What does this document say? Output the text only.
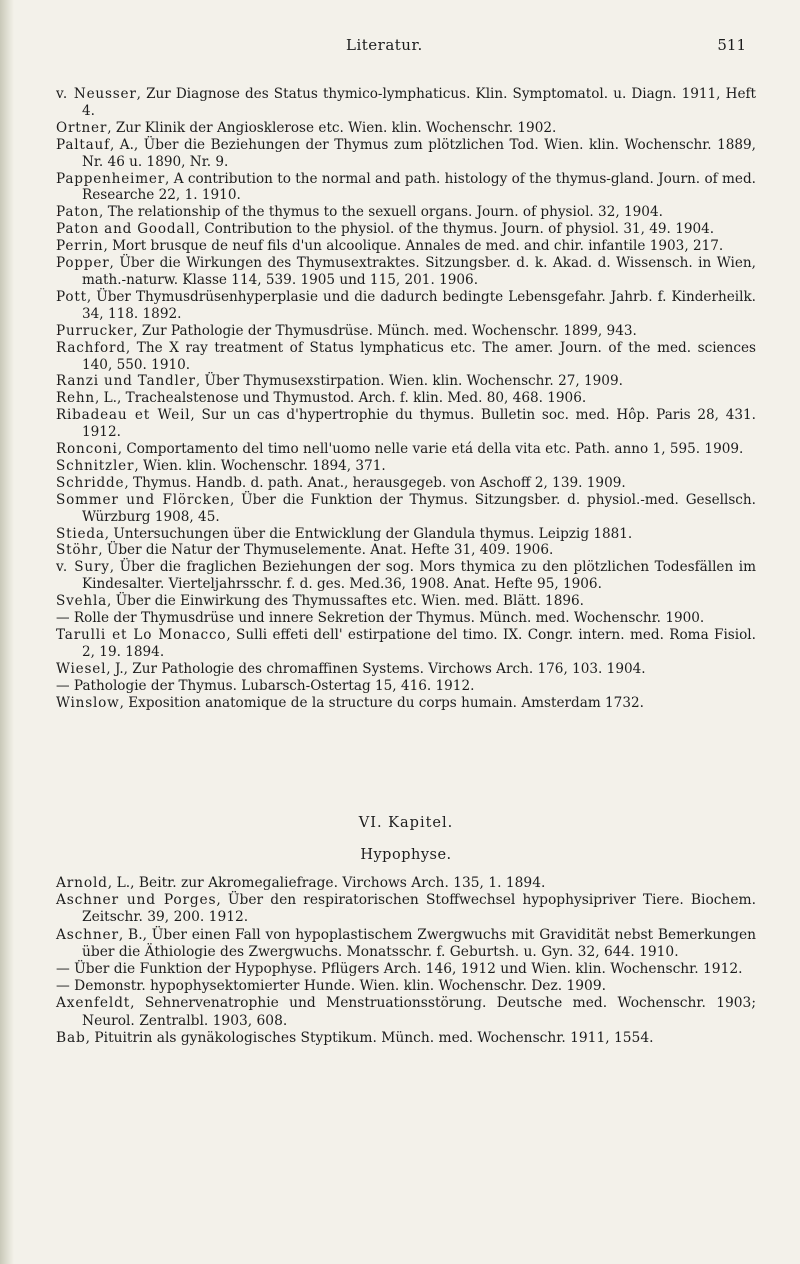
Literatur.	511

v. Neusser, Zur Diagnose des Status thymico-lymphaticus. Klin. Symptomatol. u. Diagn. 1911, Heft 4.

Ortner, Zur Klinik der Angiosklerose etc. Wien. klin. Wochenschr. 1902.

Paltauf, A., Über die Beziehungen der Thymus zum plötzlichen Tod. Wien. klin. Wochenschr. 1889, Nr. 46 u. 1890, Nr. 9.

Pappenheimer, A contribution to the normal and path. histology of the thymus-gland. Journ. of med. Researche 22, 1. 1910.

Paton, The relationship of the thymus to the sexuell organs. Journ. of physiol. 32, 1904.

Paton and Goodall, Contribution to the physiol. of the thymus. Journ. of physiol. 31, 49. 1904.

Perrin, Mort brusque de neuf fils d'un alcoolique. Annales de med. and chir. infantile 1903, 217.

Popper, Über die Wirkungen des Thymusextraktes. Sitzungsber. d. k. Akad. d. Wissensch. in Wien, math.-naturw. Klasse 114, 539. 1905 und 115, 201. 1906.

Pott, Über Thymusdrüsenhyperplasie und die dadurch bedingte Lebensgefahr. Jahrb. f. Kinderheilk. 34, 118. 1892.

Purrucker, Zur Pathologie der Thymusdrüse. Münch. med. Wochenschr. 1899, 943.

Rachford, The X ray treatment of Status lymphaticus etc. The amer. Journ. of the med. sciences 140, 550. 1910.

Ranzi und Tandler, Über Thymusexstirpation. Wien. klin. Wochenschr. 27, 1909.

Rehn, L., Trachealstenose und Thymustod. Arch. f. klin. Med. 80, 468. 1906.

Ribadeau et Weil, Sur un cas d'hypertrophie du thymus. Bulletin soc. med. Hôp. Paris 28, 431. 1912.

Ronconi, Comportamento del timo nell'uomo nelle varie etá della vita etc. Path. anno 1, 595. 1909.

Schnitzler, Wien. klin. Wochenschr. 1894, 371.

Schridde, Thymus. Handb. d. path. Anat., herausgegeb. von Aschoff 2, 139. 1909.

Sommer und Flörcken, Über die Funktion der Thymus. Sitzungsber. d. physiol.-med. Gesellsch. Würzburg 1908, 45.

Stieda, Untersuchungen über die Entwicklung der Glandula thymus. Leipzig 1881.

Stöhr, Über die Natur der Thymuselemente. Anat. Hefte 31, 409. 1906.

v. Sury, Über die fraglichen Beziehungen der sog. Mors thymica zu den plötzlichen Todesfällen im Kindesalter. Vierteljahrsschr. f. d. ges. Med.36, 1908. Anat. Hefte 95, 1906.

Svehla, Über die Einwirkung des Thymussaftes etc. Wien. med. Blätt. 1896.

— Rolle der Thymusdrüse und innere Sekretion der Thymus. Münch. med. Wochenschr. 1900.

Tarulli et Lo Monacco, Sulli effeti dell' estirpatione del timo. IX. Congr. intern. med. Roma Fisiol. 2, 19. 1894.

Wiesel, J., Zur Pathologie des chromaffinen Systems. Virchows Arch. 176, 103. 1904.

— Pathologie der Thymus. Lubarsch-Ostertag 15, 416. 1912.

Winslow, Exposition anatomique de la structure du corps humain. Amsterdam 1732.

VI. Kapitel.
Hypophyse.

Arnold, L., Beitr. zur Akromegaliefrage. Virchows Arch. 135, 1. 1894.

Aschner und Porges, Über den respiratorischen Stoffwechsel hypophysipriver Tiere. Biochem. Zeitschr. 39, 200. 1912.

Aschner, B., Über einen Fall von hypoplastischem Zwergwuchs mit Gravidität nebst Bemerkungen über die Äthiologie des Zwergwuchs. Monatsschr. f. Geburtsh. u. Gyn. 32, 644. 1910.

— Über die Funktion der Hypophyse. Pflügers Arch. 146, 1912 und Wien. klin. Wochenschr. 1912.

— Demonstr. hypophysektomierter Hunde. Wien. klin. Wochenschr. Dez. 1909.

Axenfeldt, Sehnervenatrophie und Menstruationsstörung. Deutsche med. Wochenschr. 1903; Neurol. Zentralbl. 1903, 608.

Bab, Pituitrin als gynäkologisches Styptikum. Münch. med. Wochenschr. 1911, 1554.
